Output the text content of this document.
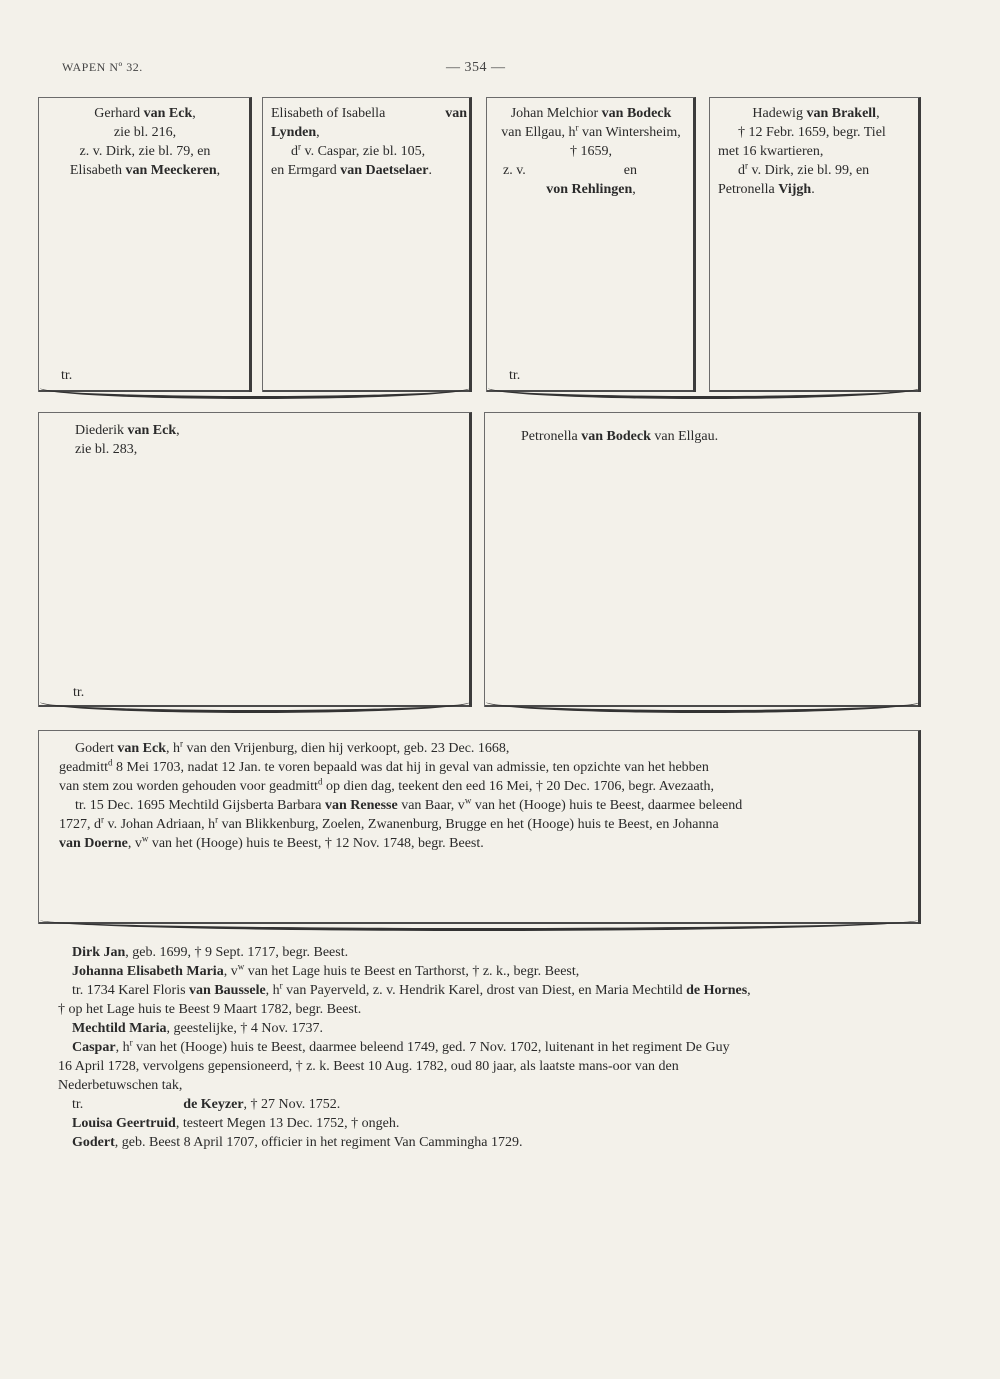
WAPEN Nº 32.	— 354 —
Gerhard van Eck,
zie bl. 216,
z. v. Dirk, zie bl. 79, en
Elisabeth van Meeckeren,
tr.
Elisabeth of Isabella	van
Lynden,
$d^r$ v. Caspar, zie bl. 105,
en Ermgard van Daetselaer.
Johan Melchior van Bodeck
van Ellgau, $h^r$ van Wintersheim,
† 1659,
z. v.	en
von Rehlingen,
tr.
Hadewig van Brakell,
† 12 Febr. 1659, begr. Tiel
met 16 kwartieren,
$d^r$ v. Dirk, zie bl. 99, en
Petronella Vijgh.
Diederik van Eck,
zie bl. 283,
tr.
Petronella van Bodeck van Ellgau.
Godert van Eck, $h^r$ van den Vrijenburg, dien hij verkoopt, geb. 23 Dec. 1668,
geadmitt$^d$ 8 Mei 1703, nadat 12 Jan. te voren bepaald was dat hij in geval van admissie, ten opzichte van het hebben
van stem zou worden gehouden voor geadmitt$^d$ op dien dag, teekent den eed 16 Mei, † 20 Dec. 1706, begr. Avezaath,
tr. 15 Dec. 1695 Mechtild Gijsberta Barbara van Renesse van Baar, $v^w$ van het (Hooge) huis te Beest, daarmee beleend
1727, $d^r$ v. Johan Adriaan, $h^r$ van Blikkenburg, Zoelen, Zwanenburg, Brugge en het (Hooge) huis te Beest, en Johanna
van Doerne, $v^w$ van het (Hooge) huis te Beest, † 12 Nov. 1748, begr. Beest.
Dirk Jan, geb. 1699, † 9 Sept. 1717, begr. Beest.
Johanna Elisabeth Maria, $v^w$ van het Lage huis te Beest en Tarthorst, † z. k., begr. Beest,
tr. 1734 Karel Floris van Baussele, $h^r$ van Payerveld, z. v. Hendrik Karel, drost van Diest, en Maria Mechtild de Hornes,
† op het Lage huis te Beest 9 Maart 1782, begr. Beest.
Mechtild Maria, geestelijke, † 4 Nov. 1737.
Caspar, $h^r$ van het (Hooge) huis te Beest, daarmee beleend 1749, ged. 7 Nov. 1702, luitenant in het regiment De Guy
16 April 1728, vervolgens gepensioneerd, † z. k. Beest 10 Aug. 1782, oud 80 jaar, als laatste mans-oor van den
Nederbetuwschen tak,
tr.	de Keyzer, † 27 Nov. 1752.
Louisa Geertruid, testeert Megen 13 Dec. 1752, † ongeh.
Godert, geb. Beest 8 April 1707, officier in het regiment Van Cammingha 1729.
